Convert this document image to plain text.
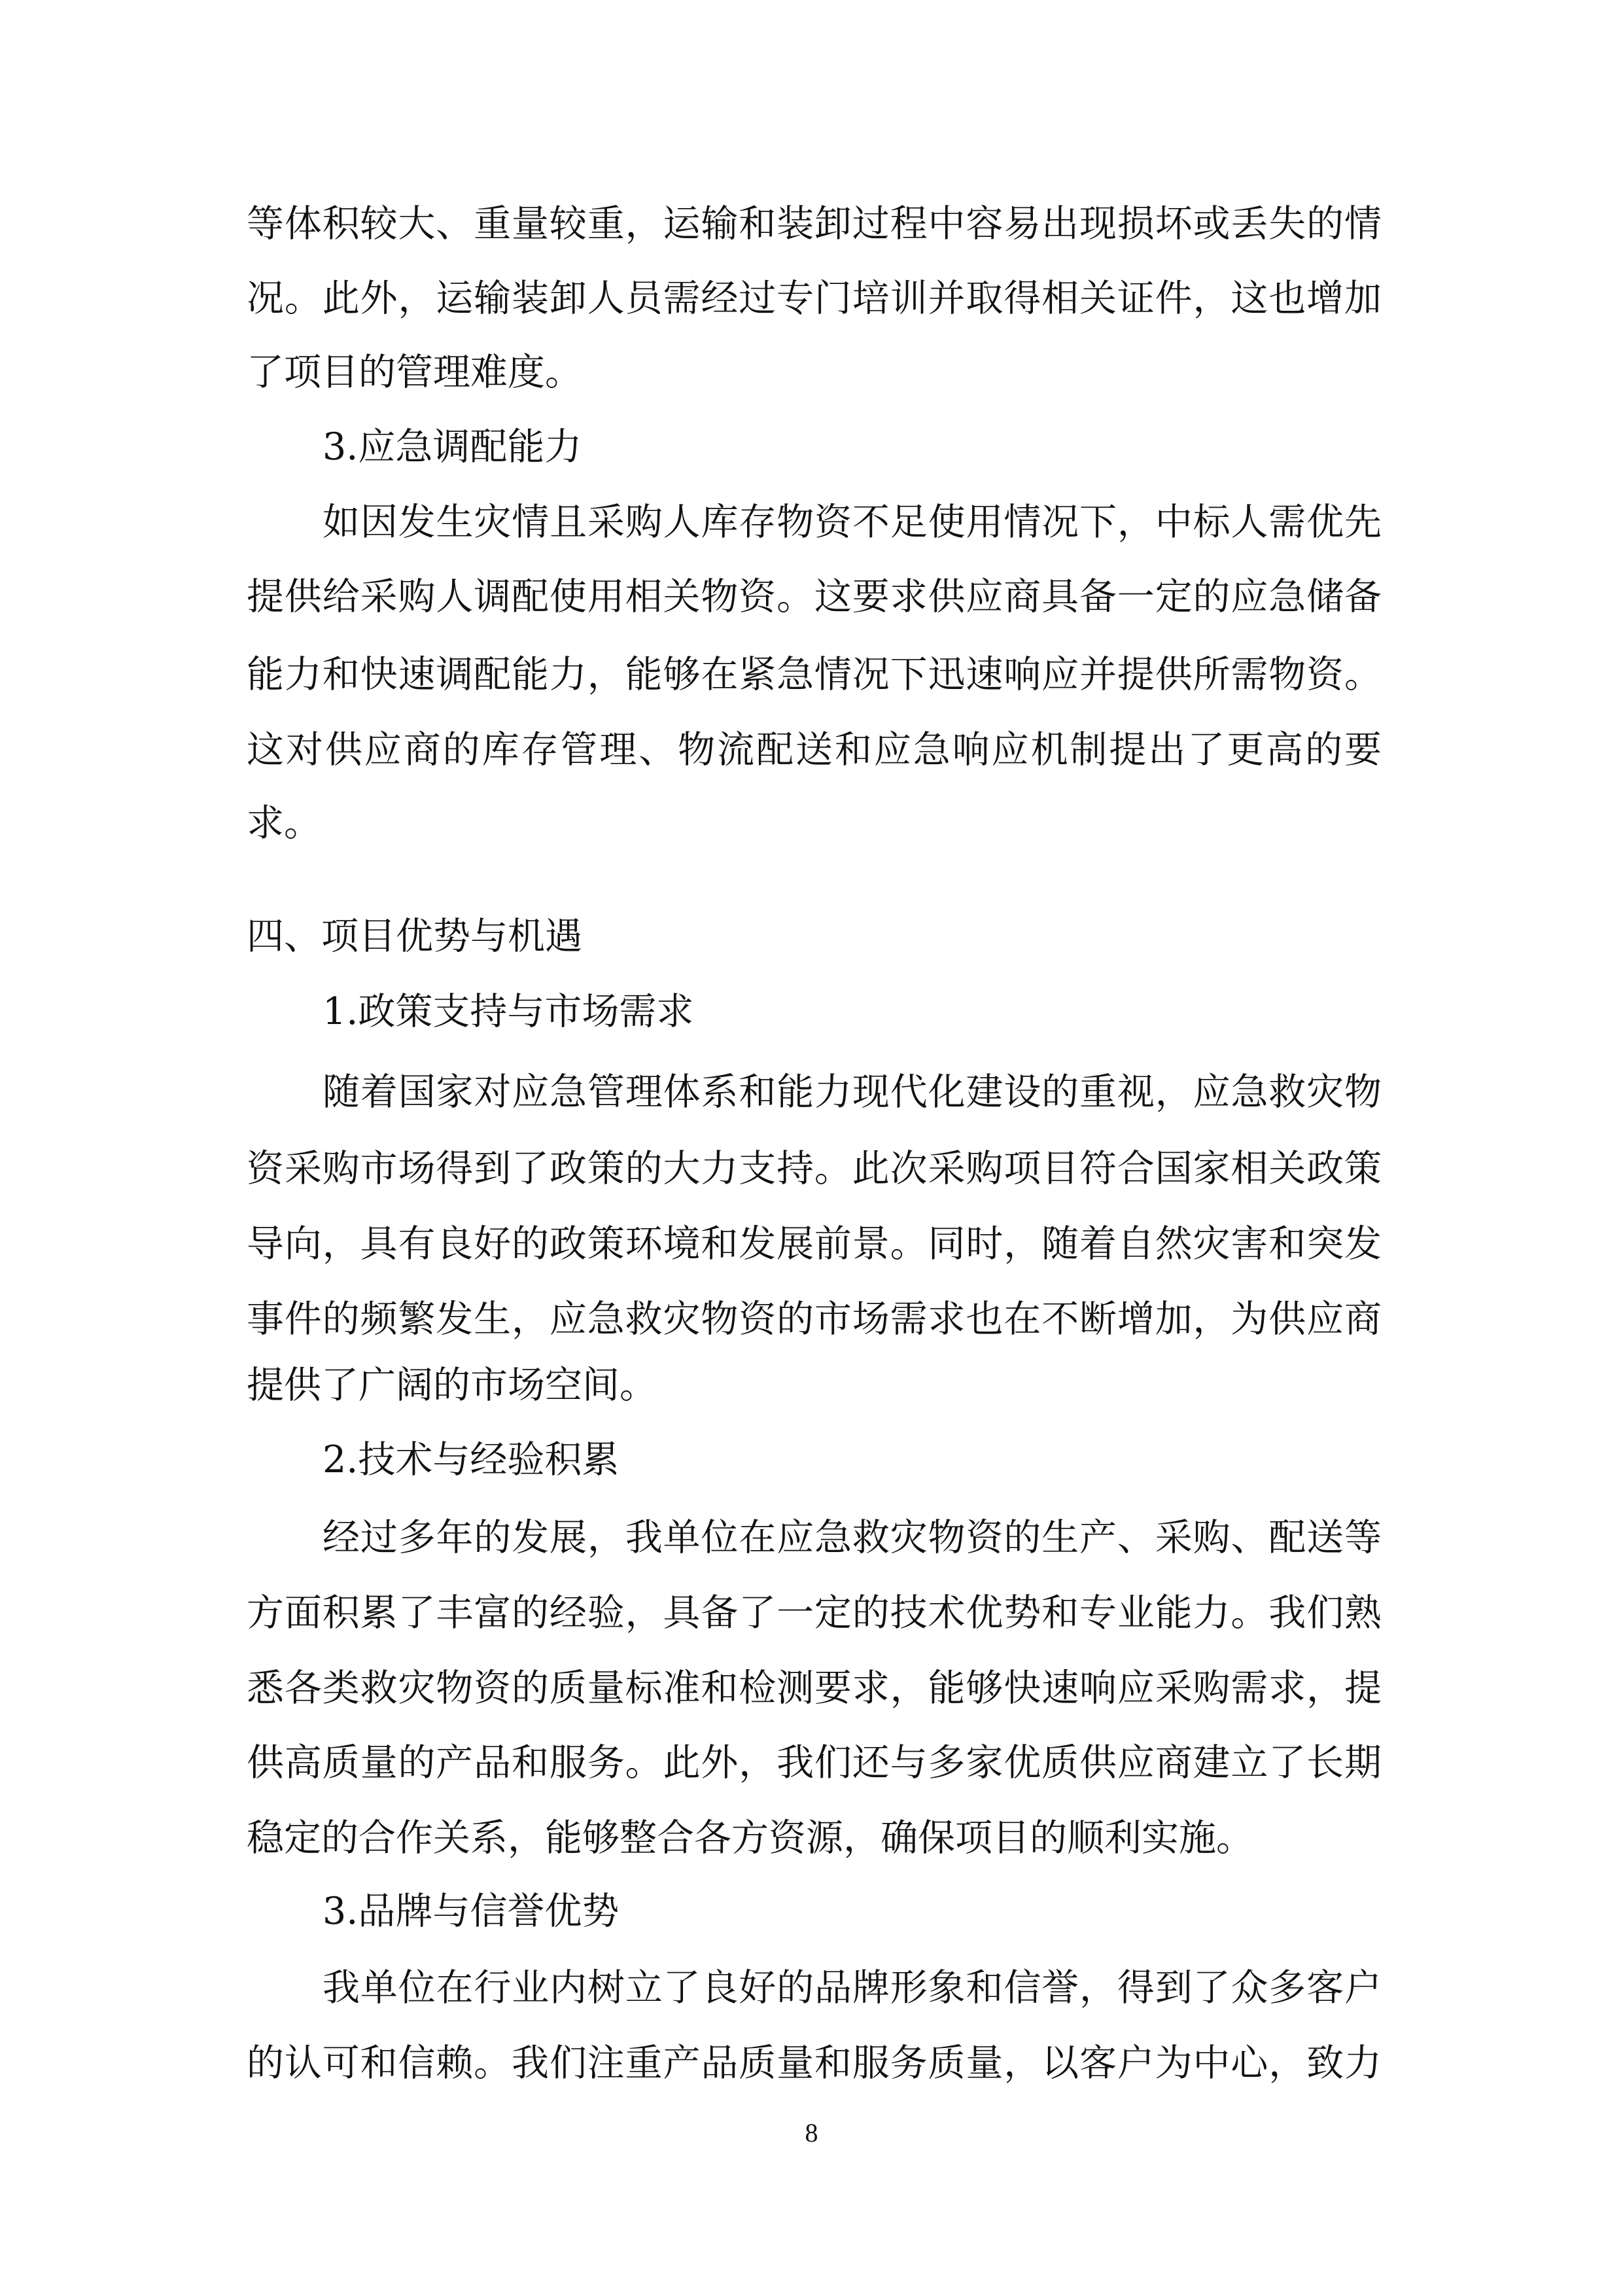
等体积较大、重量较重，运输和装卸过程中容易出现损坏或丢失的情
况。此外，运输装卸人员需经过专门培训并取得相关证件，这也增加
了项目的管理难度。
3.应急调配能力
如因发生灾情且采购人库存物资不足使用情况下，中标人需优先
提供给采购人调配使用相关物资。这要求供应商具备一定的应急储备
能力和快速调配能力，能够在紧急情况下迅速响应并提供所需物资。
这对供应商的库存管理、物流配送和应急响应机制提出了更高的要
求。
四、项目优势与机遇
1.政策支持与市场需求
随着国家对应急管理体系和能力现代化建设的重视，应急救灾物
资采购市场得到了政策的大力支持。此次采购项目符合国家相关政策
导向，具有良好的政策环境和发展前景。同时，随着自然灾害和突发
事件的频繁发生，应急救灾物资的市场需求也在不断增加，为供应商
提供了广阔的市场空间。
2.技术与经验积累
经过多年的发展，我单位在应急救灾物资的生产、采购、配送等
方面积累了丰富的经验，具备了一定的技术优势和专业能力。我们熟
悉各类救灾物资的质量标准和检测要求，能够快速响应采购需求，提
供高质量的产品和服务。此外，我们还与多家优质供应商建立了长期
稳定的合作关系，能够整合各方资源，确保项目的顺利实施。
3.品牌与信誉优势
我单位在行业内树立了良好的品牌形象和信誉，得到了众多客户
的认可和信赖。我们注重产品质量和服务质量，以客户为中心，致力
8
